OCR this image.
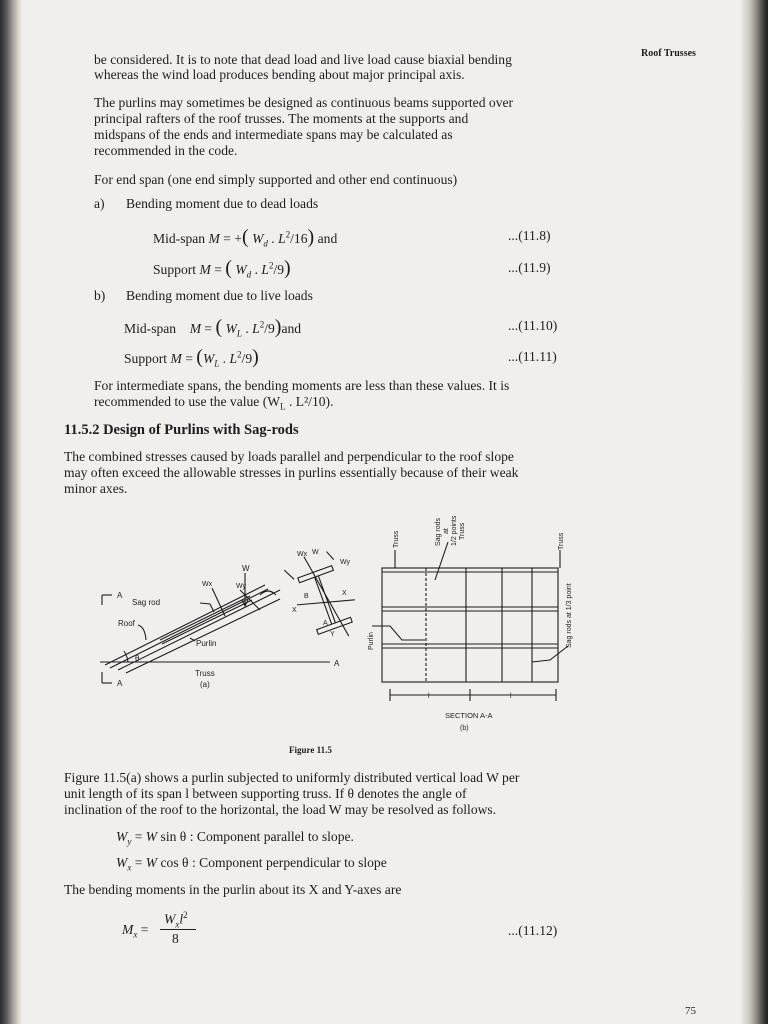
Roof Trusses

be considered. It is to note that dead load and live load cause biaxial bending

whereas the wind load produces bending about major principal axis.

The purlins may sometimes be designed as continuous beams supported over

principal rafters of the roof trusses. The moments at the supports and

midspans of the ends and intermediate spans may be calculated as

recommended in the code.

For end span (one end simply supported and other end continuous)

a) Bending moment due to dead loads
Mid-span M = +( $W_d$ . $L^2/16$) and	...(11.8)
Support M = ( $W_d$ . $L^2/9$)	...(11.9)
b) Bending moment due to live loads
Mid-span M = ( $W_L$ . $L^2/9)and$	...(11.10)
Support $M = (W_L$ . $L^2/9$)	...(11.11)

For intermediate spans, the bending moments are less than these values. It is

recommended to use the value ($W_L$ . L²/10).

11.5.2 Design of Purlins with Sag-rods

The combined stresses caused by loads parallel and perpendicular to the roof slope

may often exceed the allowable stresses in purlins essentially because of their weak

minor axes.

Sag rod
Roof
Purlin
Truss
(a)
W
Wx	Wy
θ
A
A
A
Wx W
Wy
B
X
X
A
Y
Truss	Sag rods at 1/2 points Truss
Truss
Sag rods at 1/3 point
Purlin
l	l
SECTION A-A
(b)
Figure 11.5

Figure 11.5(a) shows a purlin subjected to uniformly distributed vertical load W per

unit length of its span l between supporting truss. If θ denotes the angle of

inclination of the roof to the horizontal, the load W may be resolved as follows.

$W_y = W$ sin θ : Component parallel to slope.
$W_x = W$ cos θ : Component perpendicular to slope

The bending moments in the purlin about its X and Y-axes are

$M_x$ =
$W_xl^2$
8
...(11.12)
75
